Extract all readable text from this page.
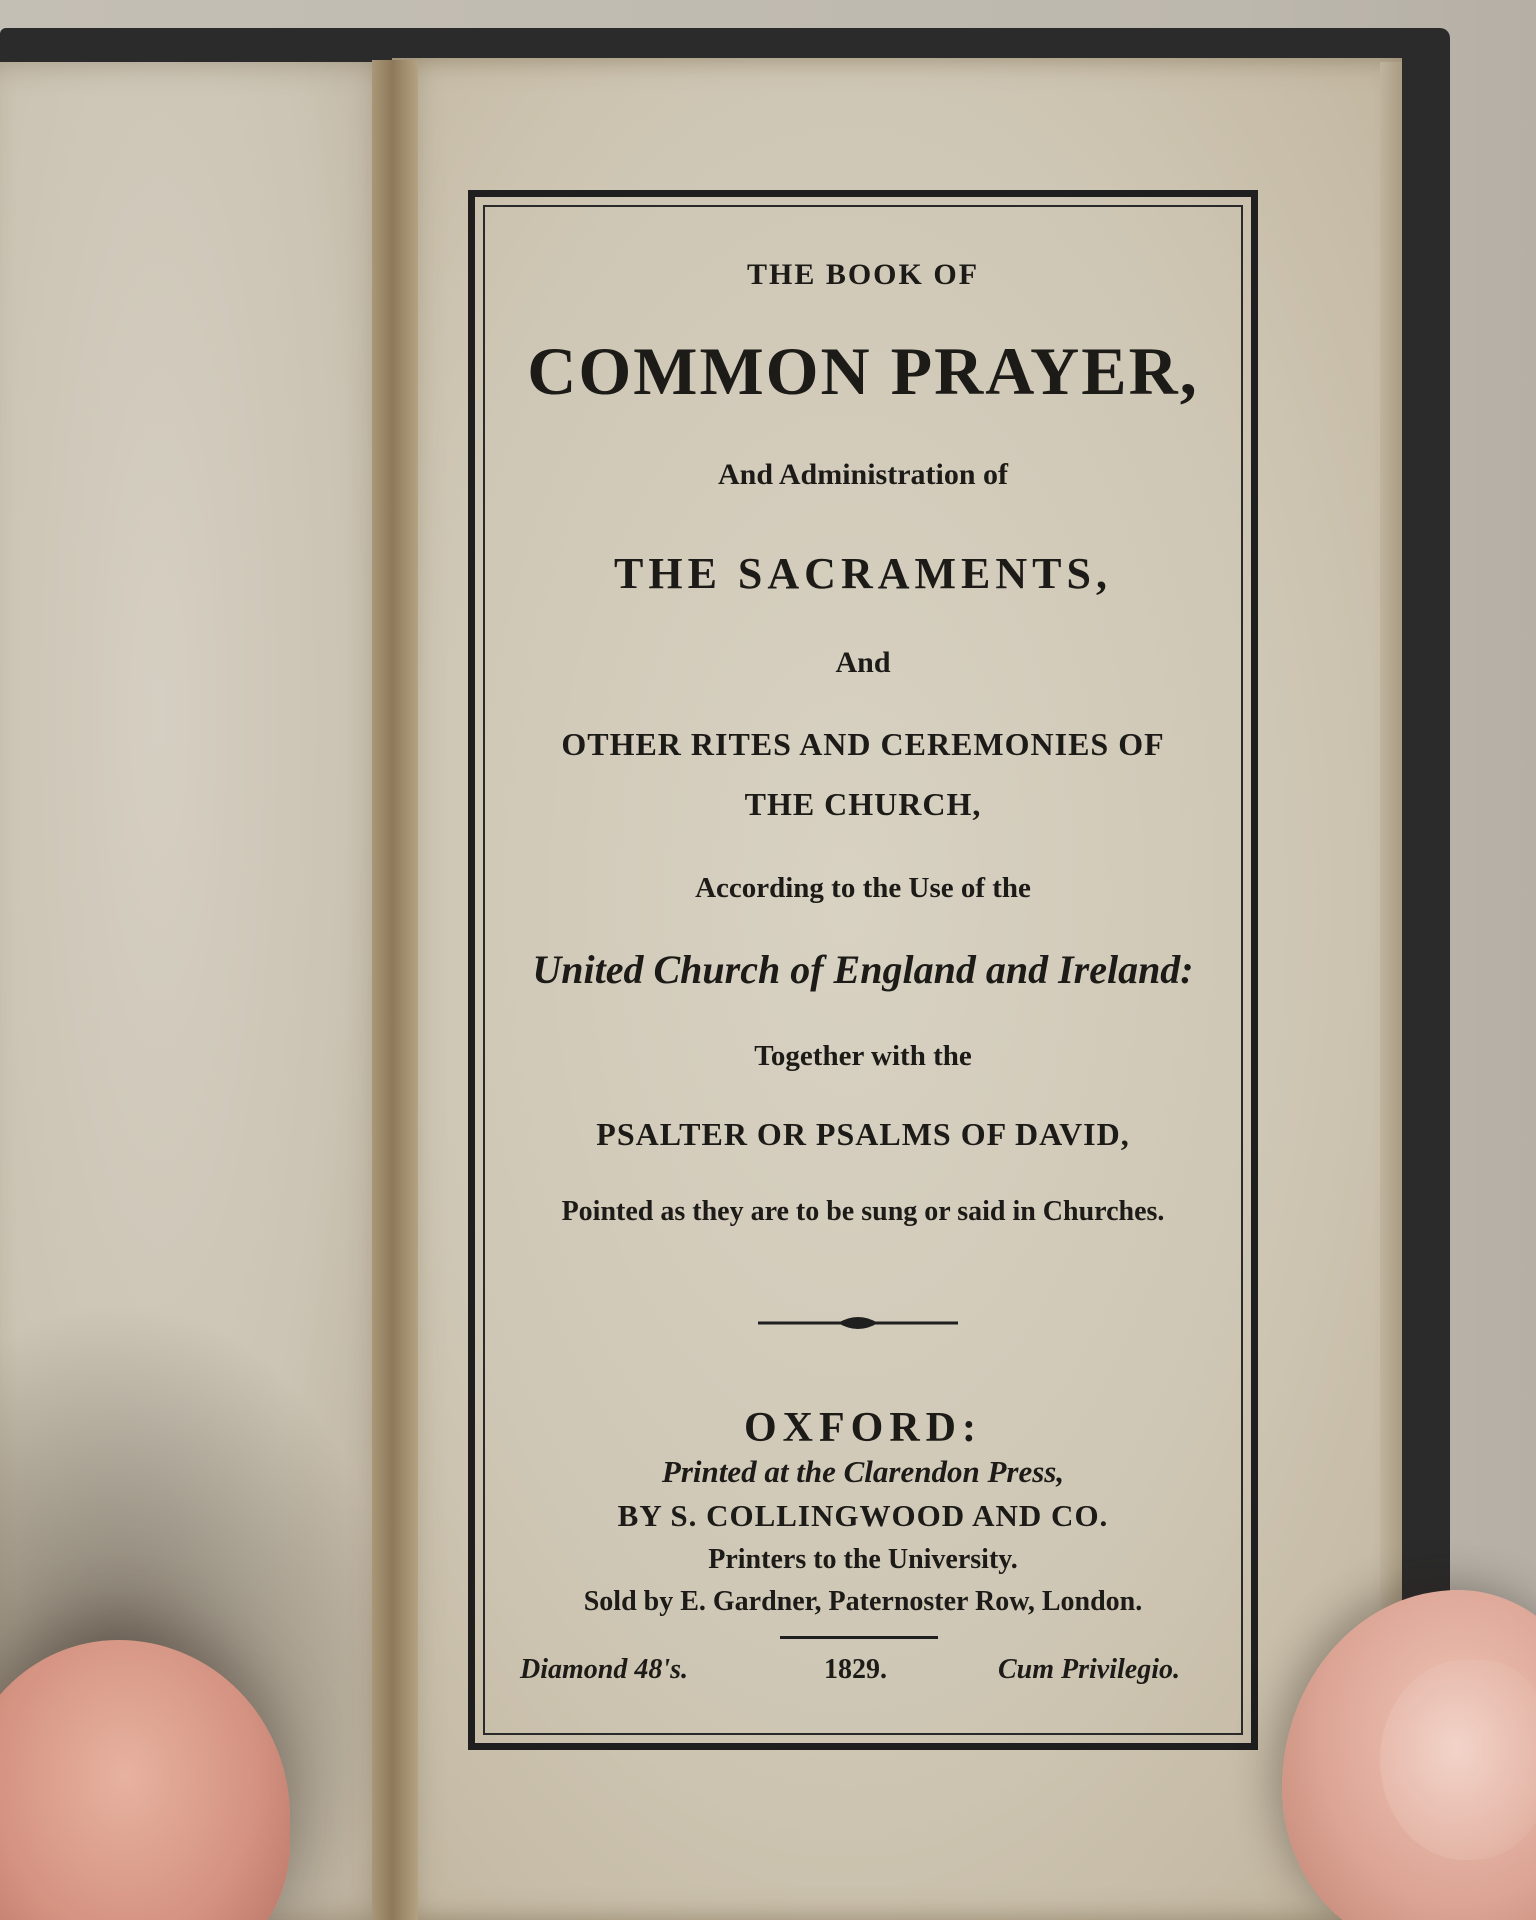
THE BOOK OF
COMMON PRAYER,
And Administration of
THE SACRAMENTS,
And
OTHER RITES AND CEREMONIES OF
THE CHURCH,
According to the Use of the
United Church of England and Ireland:
Together with the
PSALTER OR PSALMS OF DAVID,
Pointed as they are to be sung or said in Churches.
OXFORD:
Printed at the Clarendon Press,
BY S. COLLINGWOOD AND CO.
Printers to the University.
Sold by E. Gardner, Paternoster Row, London.
Diamond 48's.	1829.	Cum Privilegio.
